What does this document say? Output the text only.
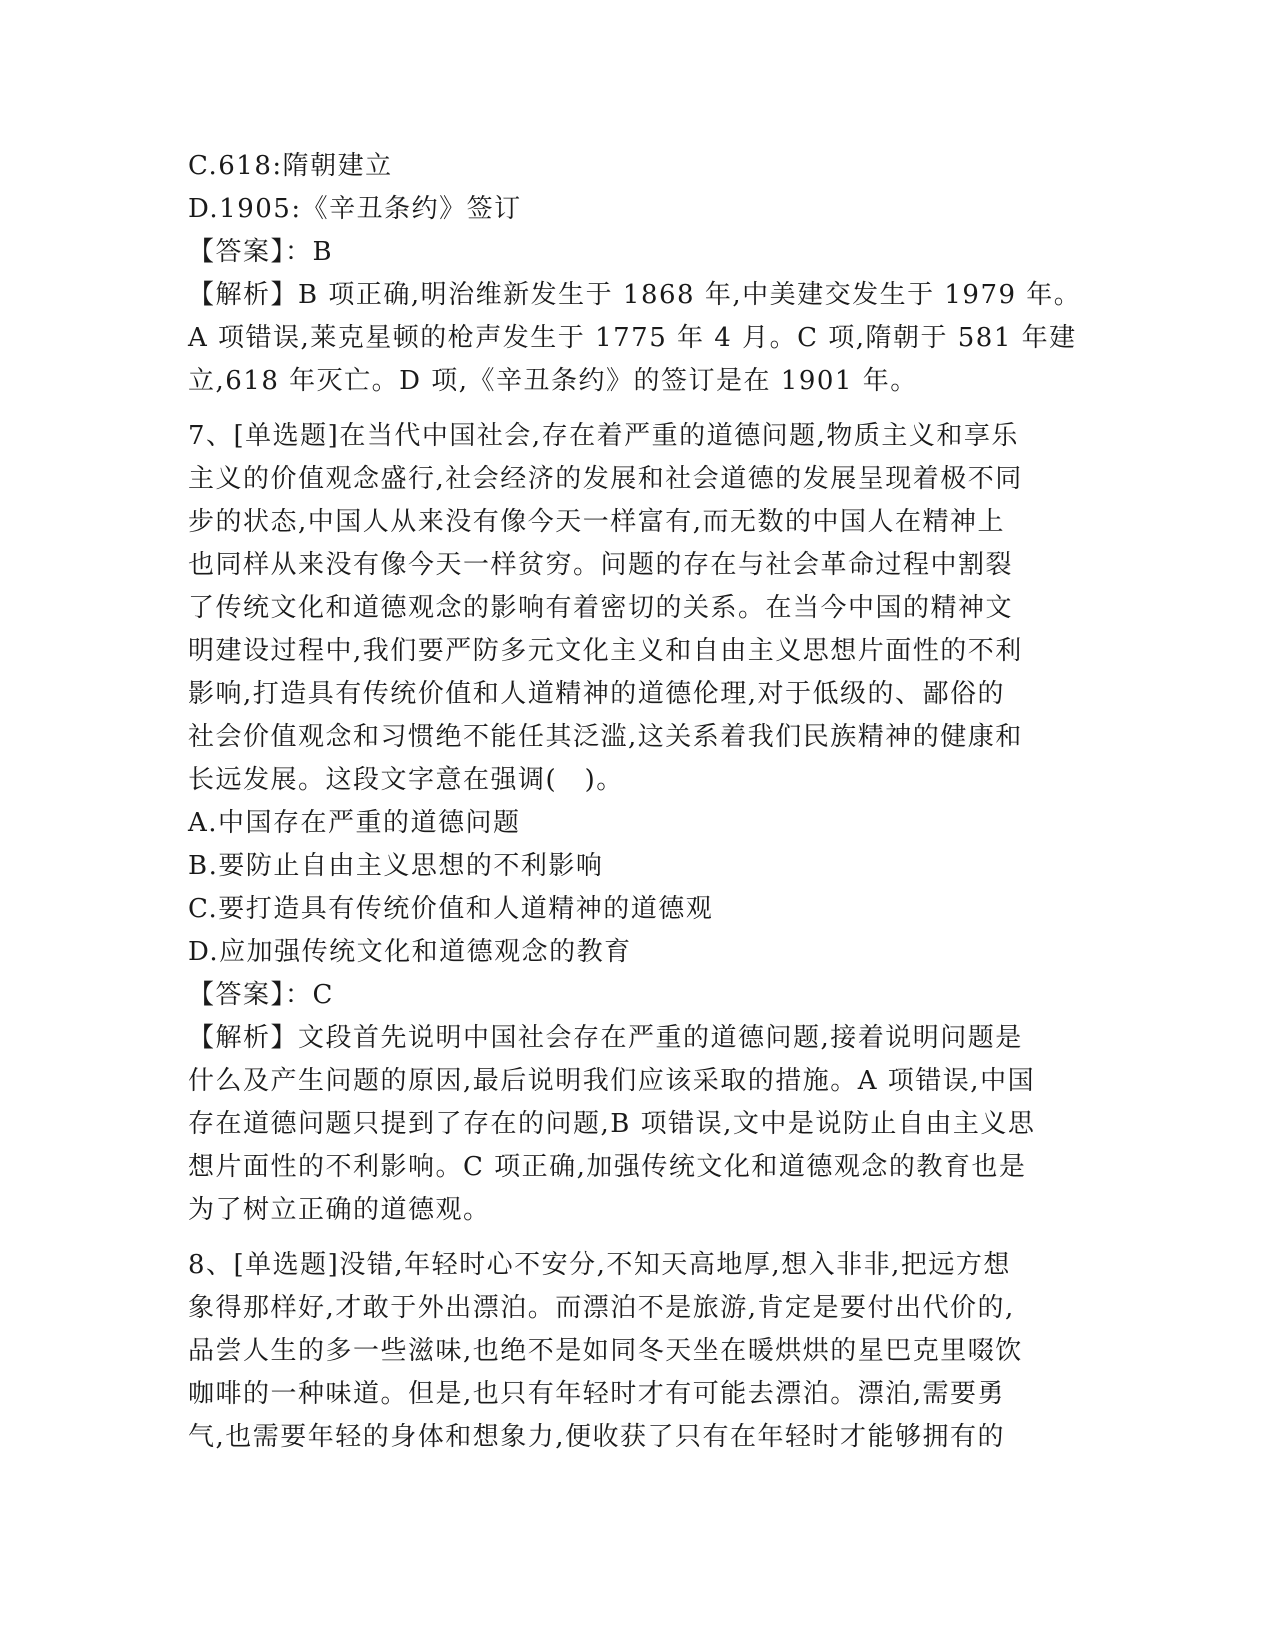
C.618:隋朝建立
D.1905:《辛丑条约》签订
【答案】：B
【解析】B 项正确,明治维新发生于 1868 年,中美建交发生于 1979 年。
A 项错误,莱克星顿的枪声发生于 1775 年 4 月。C 项,隋朝于 581 年建
立,618 年灭亡。D 项,《辛丑条约》的签订是在 1901 年。
7、[单选题]在当代中国社会,存在着严重的道德问题,物质主义和享乐
主义的价值观念盛行,社会经济的发展和社会道德的发展呈现着极不同
步的状态,中国人从来没有像今天一样富有,而无数的中国人在精神上
也同样从来没有像今天一样贫穷。问题的存在与社会革命过程中割裂
了传统文化和道德观念的影响有着密切的关系。在当今中国的精神文
明建设过程中,我们要严防多元文化主义和自由主义思想片面性的不利
影响,打造具有传统价值和人道精神的道德伦理,对于低级的、鄙俗的
社会价值观念和习惯绝不能任其泛滥,这关系着我们民族精神的健康和
长远发展。这段文字意在强调(　)。
A.中国存在严重的道德问题
B.要防止自由主义思想的不利影响
C.要打造具有传统价值和人道精神的道德观
D.应加强传统文化和道德观念的教育
【答案】：C
【解析】文段首先说明中国社会存在严重的道德问题,接着说明问题是
什么及产生问题的原因,最后说明我们应该采取的措施。A 项错误,中国
存在道德问题只提到了存在的问题,B 项错误,文中是说防止自由主义思
想片面性的不利影响。C 项正确,加强传统文化和道德观念的教育也是
为了树立正确的道德观。
8、[单选题]没错,年轻时心不安分,不知天高地厚,想入非非,把远方想
象得那样好,才敢于外出漂泊。而漂泊不是旅游,肯定是要付出代价的,
品尝人生的多一些滋味,也绝不是如同冬天坐在暖烘烘的星巴克里啜饮
咖啡的一种味道。但是,也只有年轻时才有可能去漂泊。漂泊,需要勇
气,也需要年轻的身体和想象力,便收获了只有在年轻时才能够拥有的
